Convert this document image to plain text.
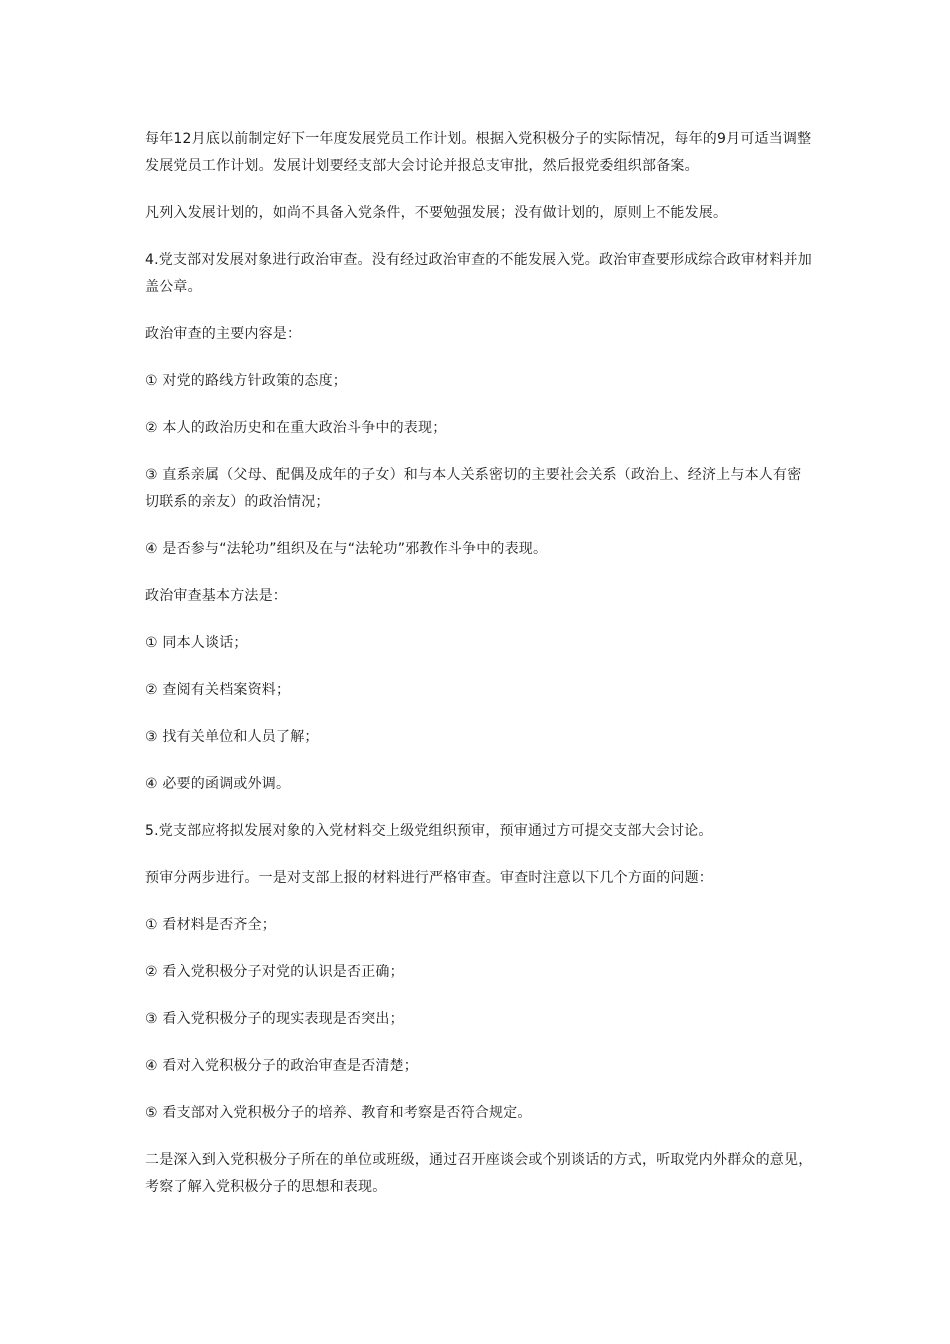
每年12月底以前制定好下一年度发展党员工作计划。根据入党积极分子的实际情况，每年的9月可适当调整发展党员工作计划。发展计划要经支部大会讨论并报总支审批，然后报党委组织部备案。

凡列入发展计划的，如尚不具备入党条件，不要勉强发展；没有做计划的，原则上不能发展。

4.党支部对发展对象进行政治审查。没有经过政治审查的不能发展入党。政治审查要形成综合政审材料并加盖公章。

政治审查的主要内容是：

① 对党的路线方针政策的态度；

② 本人的政治历史和在重大政治斗争中的表现；

③ 直系亲属（父母、配偶及成年的子女）和与本人关系密切的主要社会关系（政治上、经济上与本人有密切联系的亲友）的政治情况；

④ 是否参与“法轮功”组织及在与“法轮功”邪教作斗争中的表现。

政治审查基本方法是：

① 同本人谈话；

② 查阅有关档案资料；

③ 找有关单位和人员了解；

④ 必要的函调或外调。

5.党支部应将拟发展对象的入党材料交上级党组织预审，预审通过方可提交支部大会讨论。

预审分两步进行。一是对支部上报的材料进行严格审查。审查时注意以下几个方面的问题：

① 看材料是否齐全；

② 看入党积极分子对党的认识是否正确；

③ 看入党积极分子的现实表现是否突出；

④ 看对入党积极分子的政治审查是否清楚；

⑤ 看支部对入党积极分子的培养、教育和考察是否符合规定。

二是深入到入党积极分子所在的单位或班级，通过召开座谈会或个别谈话的方式，听取党内外群众的意见，考察了解入党积极分子的思想和表现。
